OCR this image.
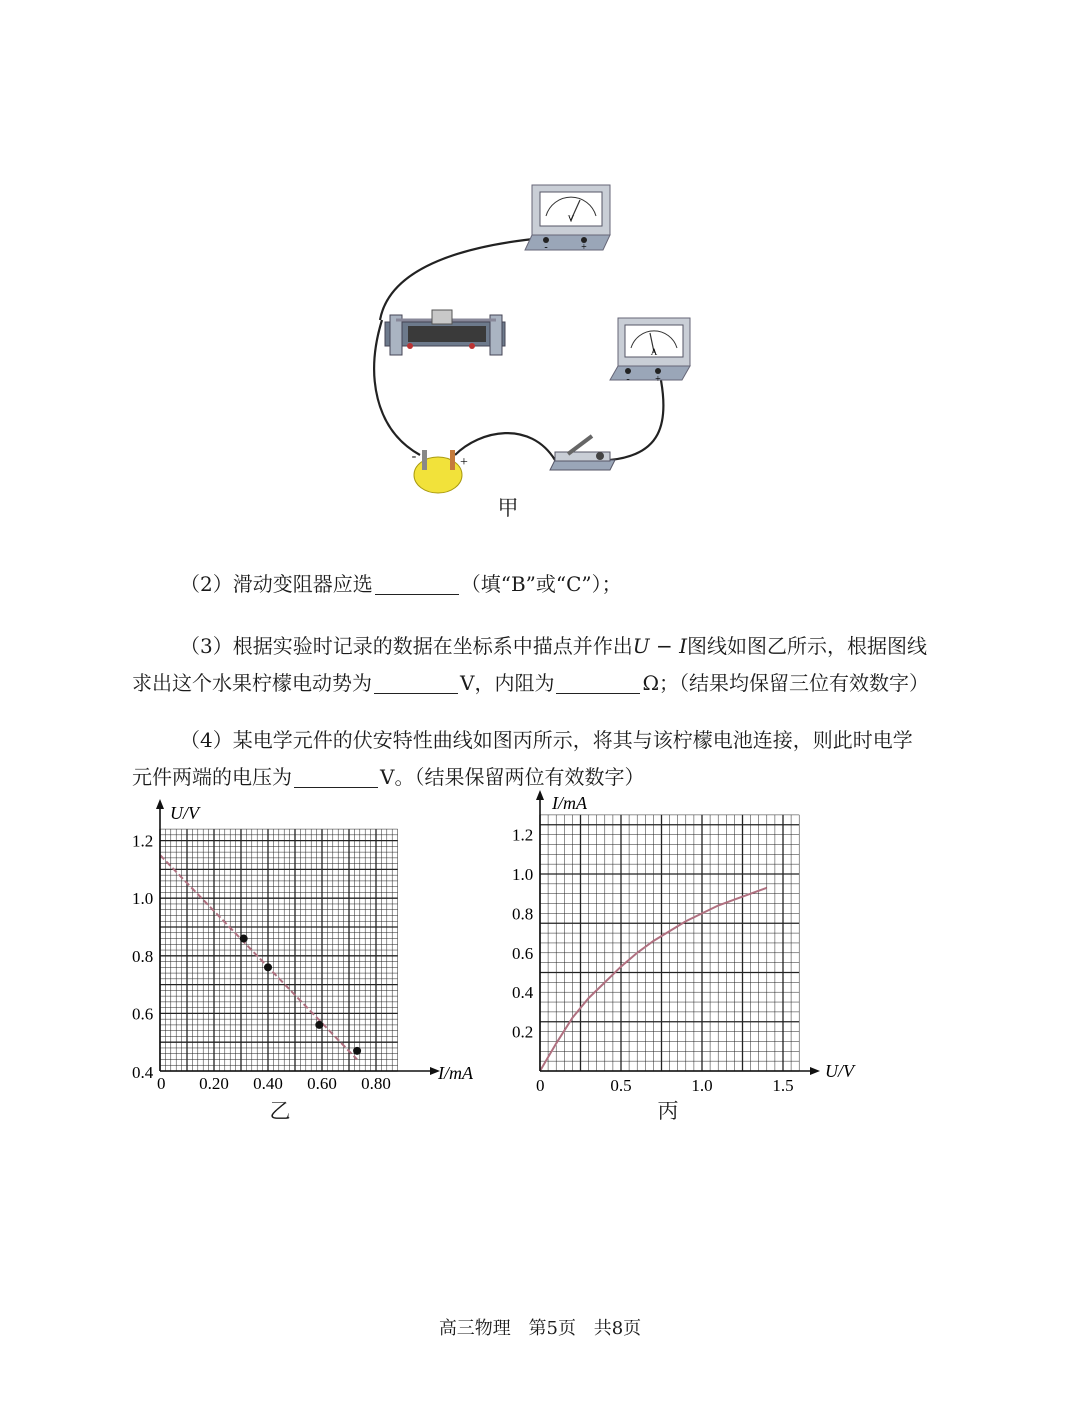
V
-	+
A
-	+
-	+
甲
（2）滑动变阻器应选	（填“B”或“C”）；
（3）根据实验时记录的数据在坐标系中描点并作出U − I图线如图乙所示，根据图线
求出这个水果柠檬电动势为	V，内阻为	Ω；（结果均保留三位有效数字）
（4）某电学元件的伏安特性曲线如图丙所示，将其与该柠檬电池连接，则此时电学
元件两端的电压为	V。（结果保留两位有效数字）
U/V
I/mA
0.4
0 0.20 0.40 0.60 0.80
1.2
1.0
0.8
0.6
乙
I/mA
U/V
0	0.5	1.0	1.5
1.2
1.0
0.8
0.6
0.4
0.2
丙
高三物理 第5页 共8页
